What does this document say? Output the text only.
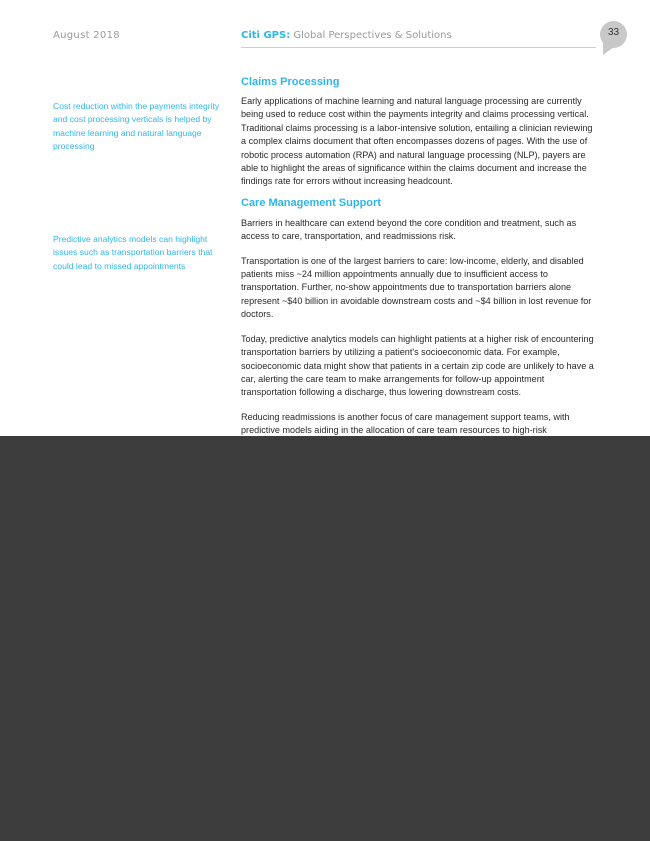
August 2018	Citi GPS: Global Perspectives & Solutions	33
Cost reduction within the payments integrity and cost processing verticals is helped by machine learning and natural language processing
Predictive analytics models can highlight issues such as transportation barriers that could lead to missed appointments
Claims Processing

Early applications of machine learning and natural language processing are currently being used to reduce cost within the payments integrity and claims processing vertical. Traditional claims processing is a labor-intensive solution, entailing a clinician reviewing a complex claims document that often encompasses dozens of pages. With the use of robotic process automation (RPA) and natural language processing (NLP), payers are able to highlight the areas of significance within the claims document and increase the findings rate for errors without increasing headcount.

Care Management Support

Barriers in healthcare can extend beyond the core condition and treatment, such as access to care, transportation, and readmissions risk.

Transportation is one of the largest barriers to care: low-income, elderly, and disabled patients miss ~24 million appointments annually due to insufficient access to transportation. Further, no-show appointments due to transportation barriers alone represent ~$40 billion in avoidable downstream costs and ~$4 billion in lost revenue for doctors.

Today, predictive analytics models can highlight patients at a higher risk of encountering transportation barriers by utilizing a patient's socioeconomic data. For example, socioeconomic data might show that patients in a certain zip code are unlikely to have a car, alerting the care team to make arrangements for follow-up appointment transportation following a discharge, thus lowering downstream costs.

Reducing readmissions is another focus of care management support teams, with predictive models aiding in the allocation of care team resources to high-risk
